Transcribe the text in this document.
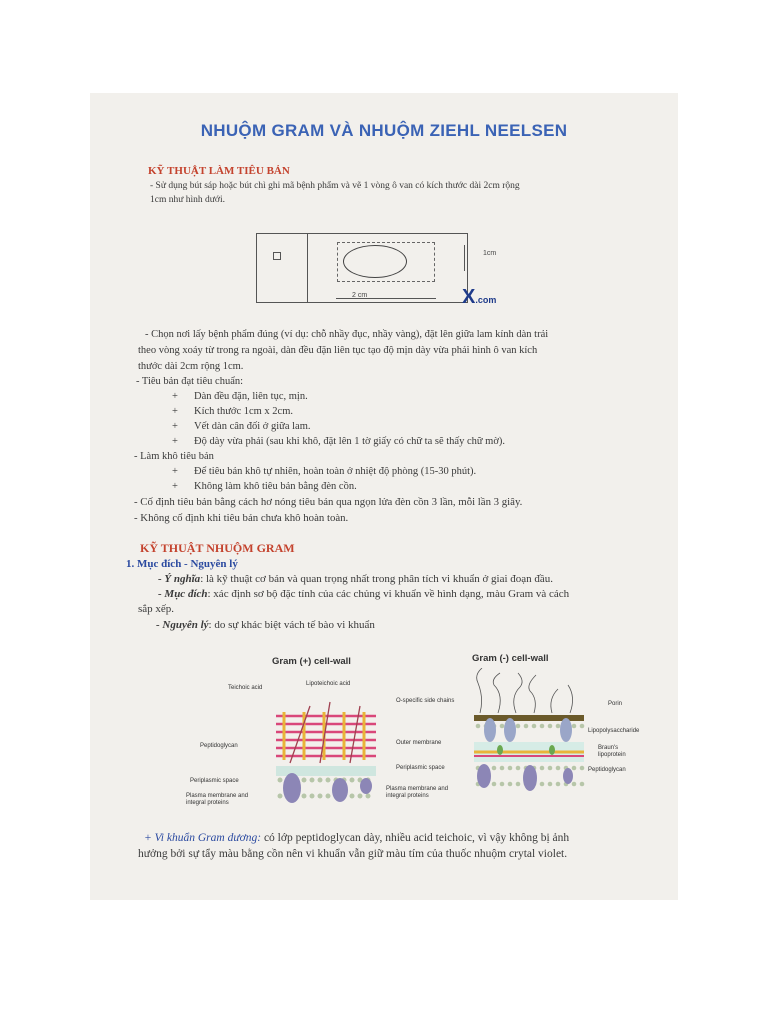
NHUỘM GRAM VÀ NHUỘM ZIEHL NEELSEN
KỸ THUẬT LÀM TIÊU BẢN
- Sử dụng bút sáp hoặc bút chì ghi mã bệnh phẩm và vẽ 1 vòng ô van có kích thước dài 2cm rộng
1cm như hình dưới.
1cm
2 cm	X.com
- Chọn nơi lấy bệnh phẩm đúng (ví dụ: chỗ nhầy đục, nhầy vàng), đặt lên giữa lam kính dàn trải
theo vòng xoáy từ trong ra ngoài, dàn đều đặn liên tục tạo độ mịn dày vừa phải hình ô van kích
thước dài 2cm rộng 1cm.
- Tiêu bản đạt tiêu chuẩn:
+ Dàn đều đặn, liên tục, mịn.
+ Kích thước 1cm x 2cm.
+ Vết dàn cân đối ở giữa lam.
+ Độ dày vừa phải (sau khi khô, đặt lên 1 tờ giấy có chữ ta sẽ thấy chữ mờ).
- Làm khô tiêu bản
+ Để tiêu bản khô tự nhiên, hoàn toàn ở nhiệt độ phòng (15-30 phút).
+ Không làm khô tiêu bản bằng đèn cồn.
- Cố định tiêu bản bằng cách hơ nóng tiêu bản qua ngọn lửa đèn cồn 3 lần, mỗi lần 3 giây.
- Không cố định khi tiêu bản chưa khô hoàn toàn.
KỸ THUẬT NHUỘM GRAM
1. Mục đích - Nguyên lý
- Ý nghĩa: là kỹ thuật cơ bản và quan trọng nhất trong phân tích vi khuẩn ở giai đoạn đầu.
- Mục đích: xác định sơ bộ đặc tính của các chủng vi khuẩn về hình dạng, màu Gram và cách
sắp xếp.
- Nguyên lý: do sự khác biệt vách tế bào vi khuẩn
Gram (+) cell-wall	Gram (-) cell-wall
Teichoic acid
Lipoteichoic acid
Peptidoglycan
Periplasmic space
Plasma membrane and integral proteins
O-specific side chains
Outer membrane
Periplasmic space
Plasma membrane and integral proteins
Porin
Lipopolysaccharide
Braun's lipoprotein
Peptidoglycan
+ Vi khuẩn Gram dương: có lớp peptidoglycan dày, nhiều acid teichoic, vì vậy không bị ảnh
hưởng bởi sự tẩy màu bằng cồn nên vi khuẩn vẫn giữ màu tím của thuốc nhuộm crytal violet.
